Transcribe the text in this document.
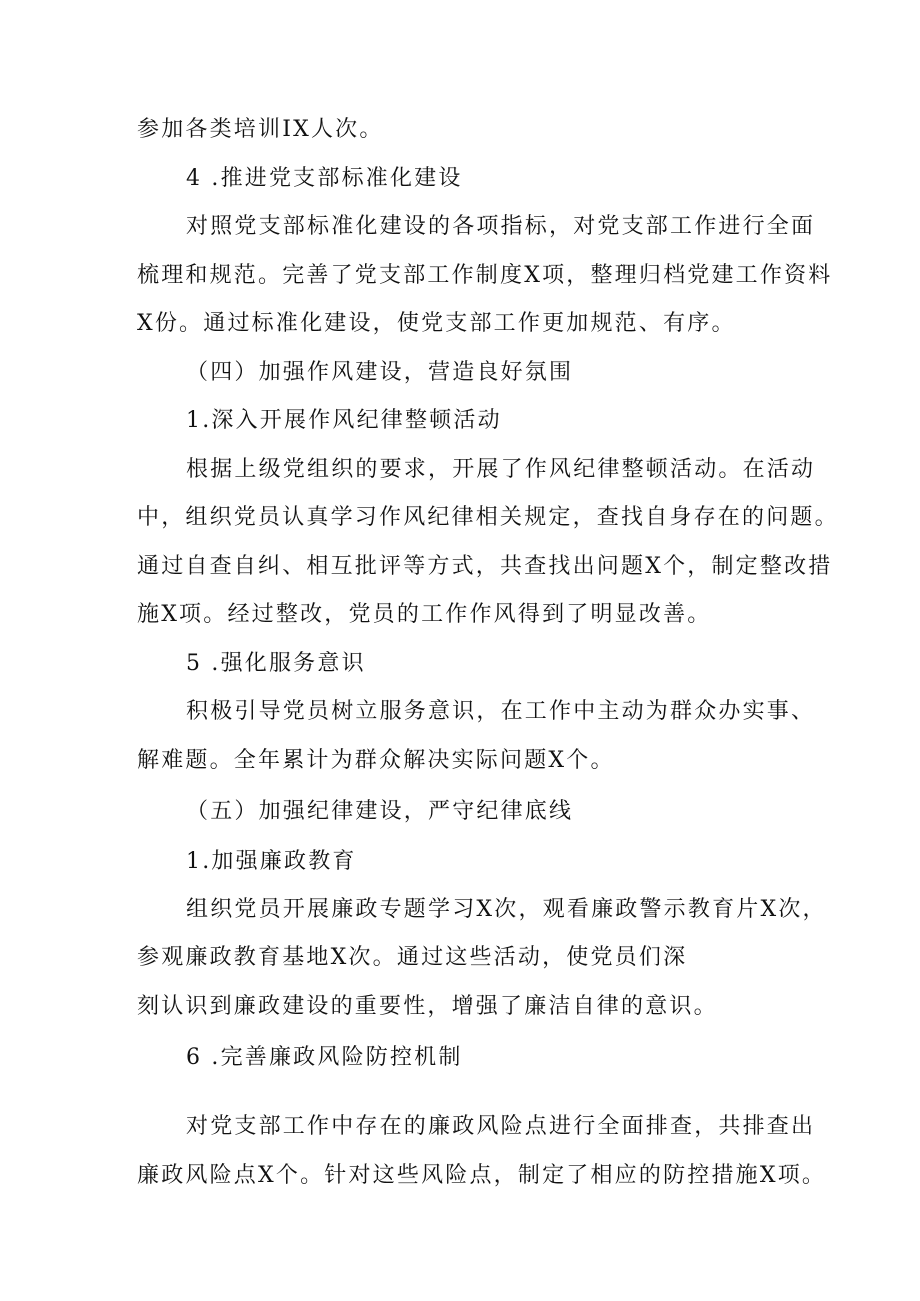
参加各类培训IX人次。
4 .推进党支部标准化建设
对照党支部标准化建设的各项指标，对党支部工作进行全面
梳理和规范。完善了党支部工作制度X项，整理归档党建工作资料
X份。通过标准化建设，使党支部工作更加规范、有序。
（四）加强作风建设，营造良好氛围
1.深入开展作风纪律整顿活动
根据上级党组织的要求，开展了作风纪律整顿活动。在活动
中，组织党员认真学习作风纪律相关规定，查找自身存在的问题。
通过自查自纠、相互批评等方式，共查找出问题X个，制定整改措
施X项。经过整改，党员的工作作风得到了明显改善。
5 .强化服务意识
积极引导党员树立服务意识，在工作中主动为群众办实事、
解难题。全年累计为群众解决实际问题X个。
（五）加强纪律建设，严守纪律底线
1.加强廉政教育
组织党员开展廉政专题学习X次，观看廉政警示教育片X次，
参观廉政教育基地X次。通过这些活动，使党员们深
刻认识到廉政建设的重要性，增强了廉洁自律的意识。
6 .完善廉政风险防控机制
对党支部工作中存在的廉政风险点进行全面排查，共排查出
廉政风险点X个。针对这些风险点，制定了相应的防控措施X项。
